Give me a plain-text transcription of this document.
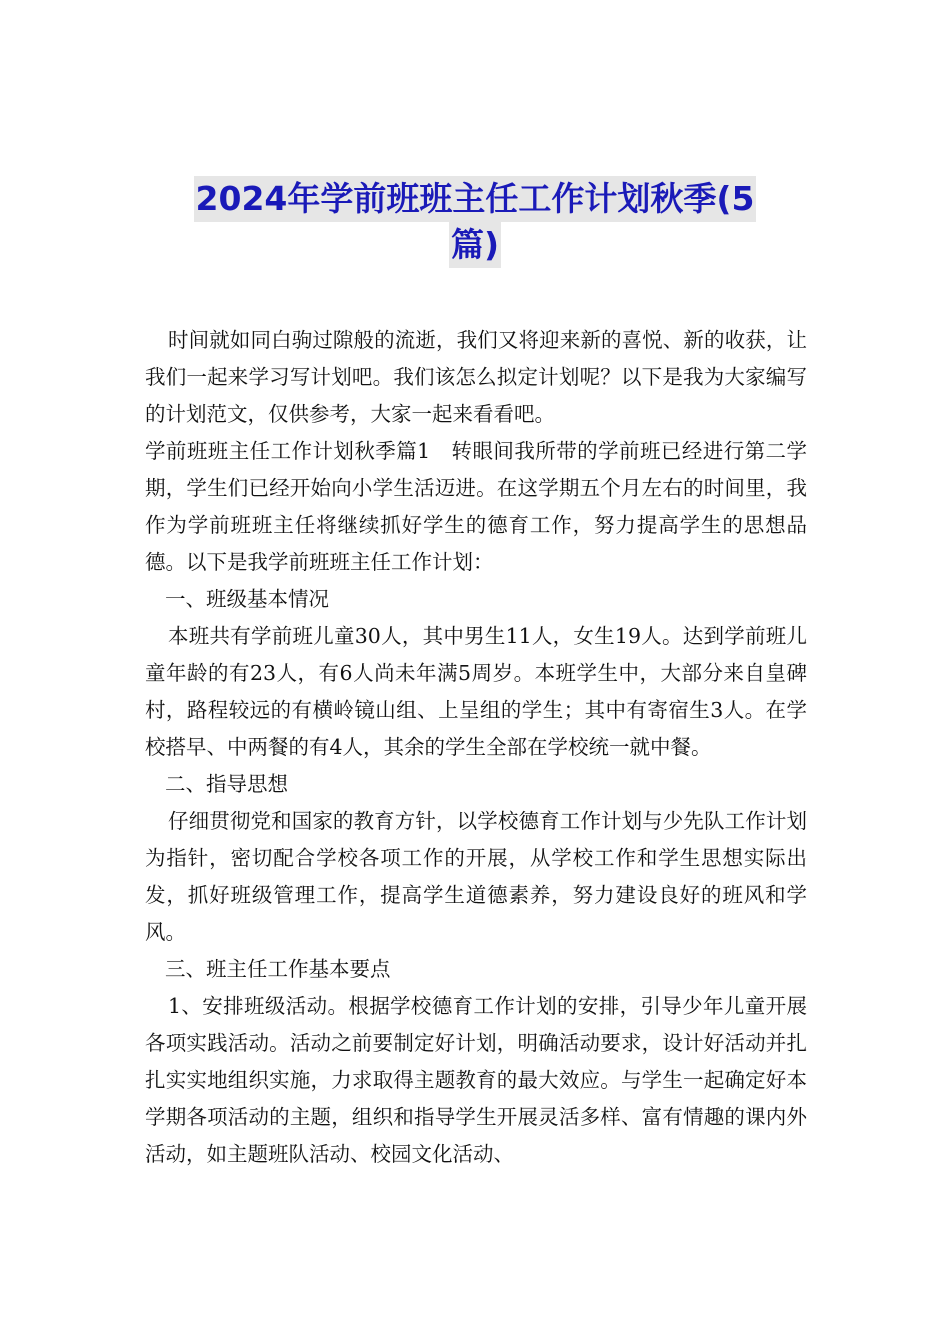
2024年学前班班主任工作计划秋季(5
篇)

时间就如同白驹过隙般的流逝，我们又将迎来新的喜悦、新的收获，让我们一起来学习写计划吧。我们该怎么拟定计划呢？以下是我为大家编写的计划范文，仅供参考，大家一起来看看吧。

学前班班主任工作计划秋季篇1　转眼间我所带的学前班已经进行第二学期，学生们已经开始向小学生活迈进。在这学期五个月左右的时间里，我作为学前班班主任将继续抓好学生的德育工作，努力提高学生的思想品德。以下是我学前班班主任工作计划：

一、班级基本情况

本班共有学前班儿童30人，其中男生11人，女生19人。达到学前班儿童年龄的有23人，有6人尚未年满5周岁。本班学生中，大部分来自皇碑村，路程较远的有横岭镜山组、上呈组的学生；其中有寄宿生3人。在学校搭早、中两餐的有4人，其余的学生全部在学校统一就中餐。

二、指导思想

仔细贯彻党和国家的教育方针，以学校德育工作计划与少先队工作计划为指针，密切配合学校各项工作的开展，从学校工作和学生思想实际出发，抓好班级管理工作，提高学生道德素养，努力建设良好的班风和学风。

三、班主任工作基本要点

1、安排班级活动。根据学校德育工作计划的安排，引导少年儿童开展各项实践活动。活动之前要制定好计划，明确活动要求，设计好活动并扎扎实实地组织实施，力求取得主题教育的最大效应。与学生一起确定好本学期各项活动的主题，组织和指导学生开展灵活多样、富有情趣的课内外活动，如主题班队活动、校园文化活动、
